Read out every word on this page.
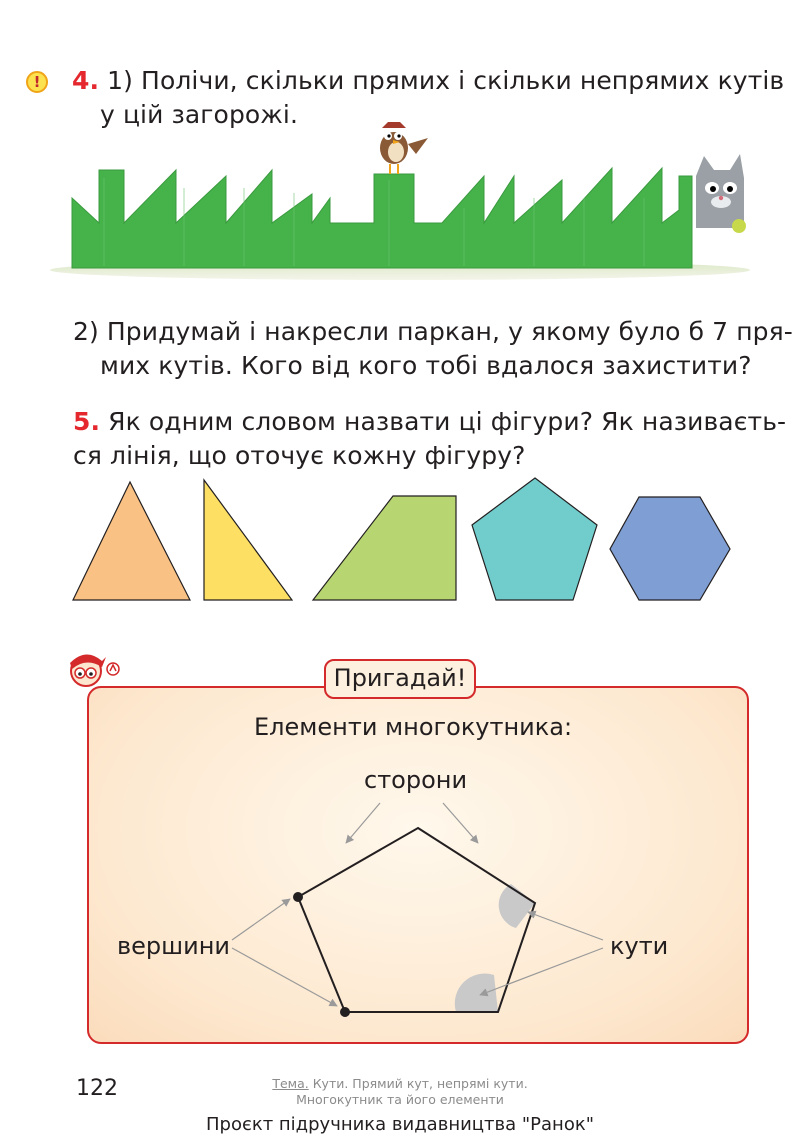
!	4. 1) Полічи, скільки прямих і скільки непрямих кутів
у цій загорожі.
2) Придумай і накресли паркан, у якому було б 7 пря-
мих кутів. Кого від кого тобі вдалося захистити?
5. Як одним словом назвати ці фігури? Як називаєть-
ся лінія, що оточує кожну фігуру?
Пригадай!
Елементи многокутника:
сторони
вершини	кути
122	Тема. Кути. Прямий кут, непрямі кути.
Многокутник та його елементи
Проєкт підручника видавництва "Ранок"
